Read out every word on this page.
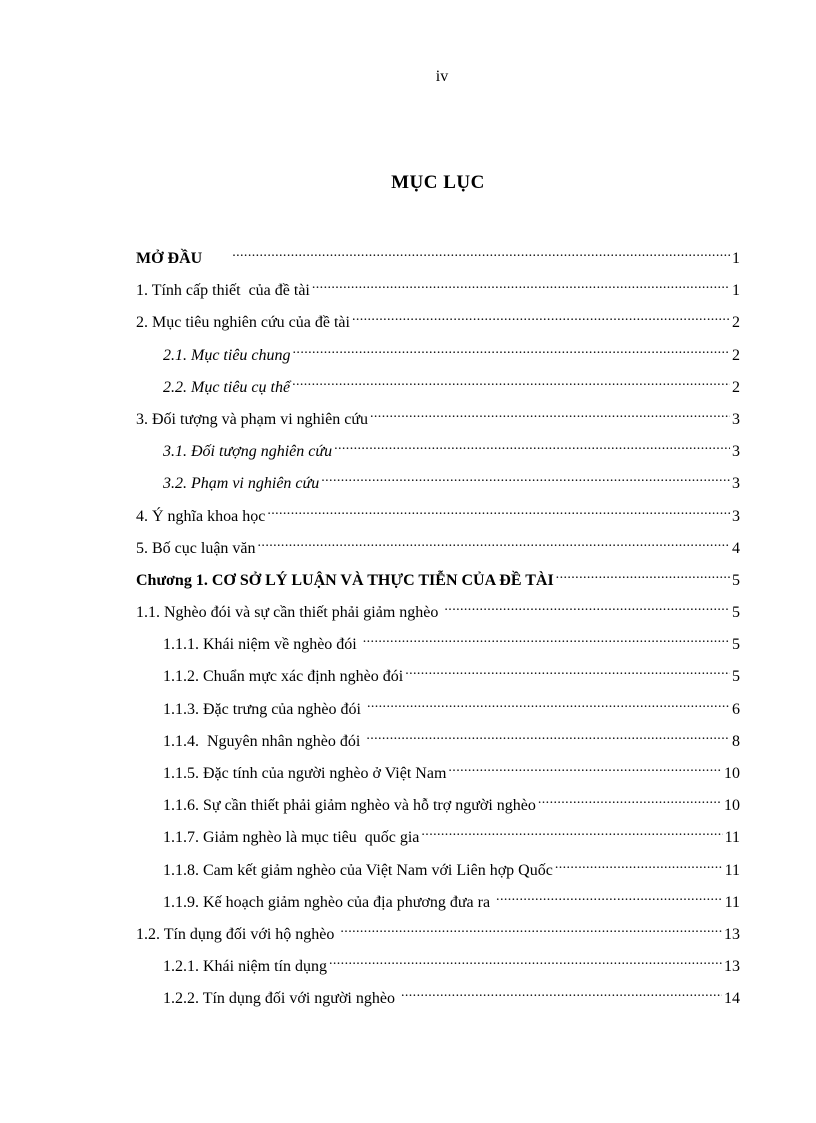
iv
MỤC LỤC
MỞ ĐẦU .....	1
1. Tính cấp thiết  của đề tài .....	1
2. Mục tiêu nghiên cứu của đề tài .....	2
2.1. Mục tiêu chung .....	2
2.2. Mục tiêu cụ thể .....	2
3. Đối tượng và phạm vi nghiên cứu .....	3
3.1. Đối tượng nghiên cứu .....	3
3.2. Phạm vi nghiên cứu .....	3
4. Ý nghĩa khoa học .....	3
5. Bố cục luận văn .....	4
Chương 1. CƠ SỞ LÝ LUẬN VÀ THỰC TIỄN CỦA ĐỀ TÀI .....	5
1.1. Nghèo đói và sự cần thiết phải giảm nghèo .....	5
1.1.1. Khái niệm về nghèo đói .....	5
1.1.2. Chuẩn mực xác định nghèo đói .....	5
1.1.3. Đặc trưng của nghèo đói .....	6
1.1.4.  Nguyên nhân nghèo đói .....	8
1.1.5. Đặc tính của người nghèo ở Việt Nam .....	10
1.1.6. Sự cần thiết phải giảm nghèo và hỗ trợ người nghèo .....	10
1.1.7. Giảm nghèo là mục tiêu  quốc gia .....	11
1.1.8. Cam kết giảm nghèo của Việt Nam với Liên hợp Quốc .....	11
1.1.9. Kế hoạch giảm nghèo của địa phương đưa ra .....	11
1.2. Tín dụng đối với hộ nghèo .....	13
1.2.1. Khái niệm tín dụng .....	13
1.2.2. Tín dụng đối với người nghèo .....	14
